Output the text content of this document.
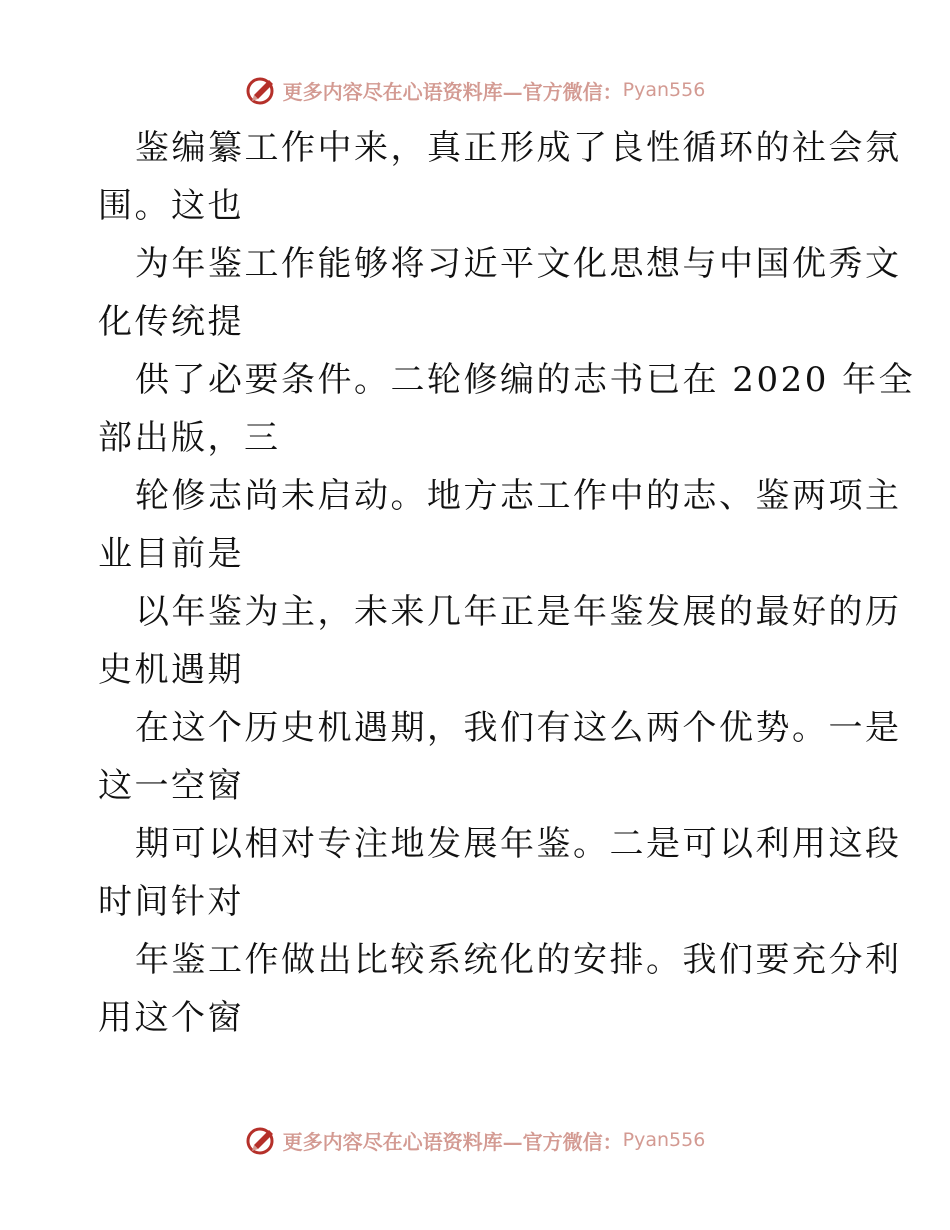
更多内容尽在心语资料库—官方微信： Pyan556

鉴编纂工作中来，真正形成了良性循环的社会氛
围。这也

为年鉴工作能够将习近平文化思想与中国优秀文
化传统提

供了必要条件。二轮修编的志书已在 2020 年全
部出版，三

轮修志尚未启动。地方志工作中的志、鉴两项主
业目前是

以年鉴为主，未来几年正是年鉴发展的最好的历
史机遇期

在这个历史机遇期，我们有这么两个优势。一是
这一空窗

期可以相对专注地发展年鉴。二是可以利用这段
时间针对

年鉴工作做出比较系统化的安排。我们要充分利
用这个窗

更多内容尽在心语资料库—官方微信： Pyan556
